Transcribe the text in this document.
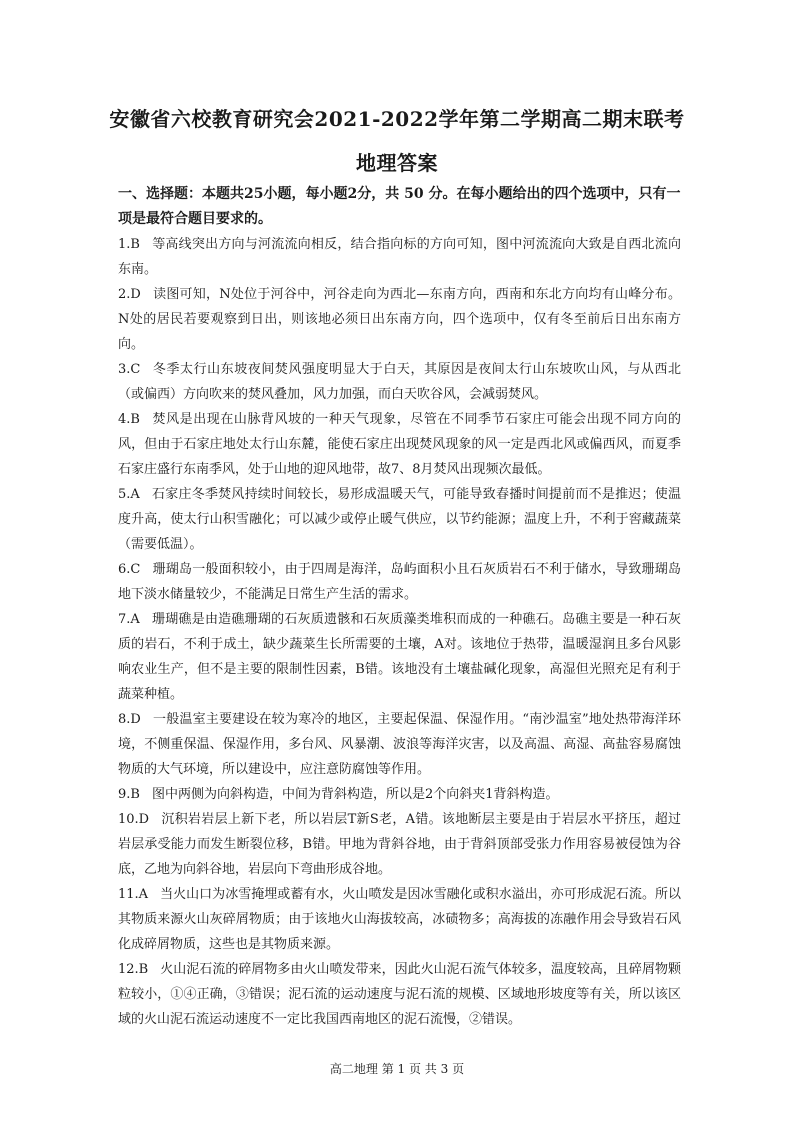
安徽省六校教育研究会2021-2022学年第二学期高二期末联考
地理答案
一、选择题：本题共25小题，每小题2分，共 50 分。在每小题给出的四个选项中，只有一项是最符合题目要求的。
1.B 等高线突出方向与河流流向相反，结合指向标的方向可知，图中河流流向大致是自西北流向东南。
2.D 读图可知，N处位于河谷中，河谷走向为西北—东南方向，西南和东北方向均有山峰分布。N处的居民若要观察到日出，则该地必须日出东南方向，四个选项中，仅有冬至前后日出东南方向。
3.C 冬季太行山东坡夜间焚风强度明显大于白天，其原因是夜间太行山东坡吹山风，与从西北（或偏西）方向吹来的焚风叠加，风力加强，而白天吹谷风，会减弱焚风。
4.B 焚风是出现在山脉背风坡的一种天气现象，尽管在不同季节石家庄可能会出现不同方向的风，但由于石家庄地处太行山东麓，能使石家庄出现焚风现象的风一定是西北风或偏西风，而夏季石家庄盛行东南季风，处于山地的迎风地带，故7、8月焚风出现频次最低。
5.A 石家庄冬季焚风持续时间较长，易形成温暖天气，可能导致春播时间提前而不是推迟；使温度升高，使太行山积雪融化；可以减少或停止暖气供应，以节约能源；温度上升，不利于窖藏蔬菜（需要低温）。
6.C 珊瑚岛一般面积较小，由于四周是海洋，岛屿面积小且石灰质岩石不利于储水，导致珊瑚岛地下淡水储量较少，不能满足日常生产生活的需求。
7.A 珊瑚礁是由造礁珊瑚的石灰质遗骸和石灰质藻类堆积而成的一种礁石。岛礁主要是一种石灰质的岩石，不利于成土，缺少蔬菜生长所需要的土壤，A对。该地位于热带，温暖湿润且多台风影响农业生产，但不是主要的限制性因素，B错。该地没有土壤盐碱化现象，高湿但光照充足有利于蔬菜种植。
8.D 一般温室主要建设在较为寒冷的地区，主要起保温、保湿作用。“南沙温室”地处热带海洋环境，不侧重保温、保湿作用，多台风、风暴潮、波浪等海洋灾害，以及高温、高湿、高盐容易腐蚀物质的大气环境，所以建设中，应注意防腐蚀等作用。
9.B 图中两侧为向斜构造，中间为背斜构造，所以是2个向斜夹1背斜构造。
10.D 沉积岩岩层上新下老，所以岩层T新S老，A错。该地断层主要是由于岩层水平挤压，超过岩层承受能力而发生断裂位移，B错。甲地为背斜谷地，由于背斜顶部受张力作用容易被侵蚀为谷底，乙地为向斜谷地，岩层向下弯曲形成谷地。
11.A 当火山口为冰雪掩埋或蓄有水，火山喷发是因冰雪融化或积水溢出，亦可形成泥石流。所以其物质来源火山灰碎屑物质；由于该地火山海拔较高，冰碛物多；高海拔的冻融作用会导致岩石风化成碎屑物质，这些也是其物质来源。
12.B 火山泥石流的碎屑物多由火山喷发带来，因此火山泥石流气体较多，温度较高，且碎屑物颗粒较小，①④正确，③错误；泥石流的运动速度与泥石流的规模、区域地形坡度等有关，所以该区域的火山泥石流运动速度不一定比我国西南地区的泥石流慢，②错误。
高二地理 第 1 页 共 3 页
